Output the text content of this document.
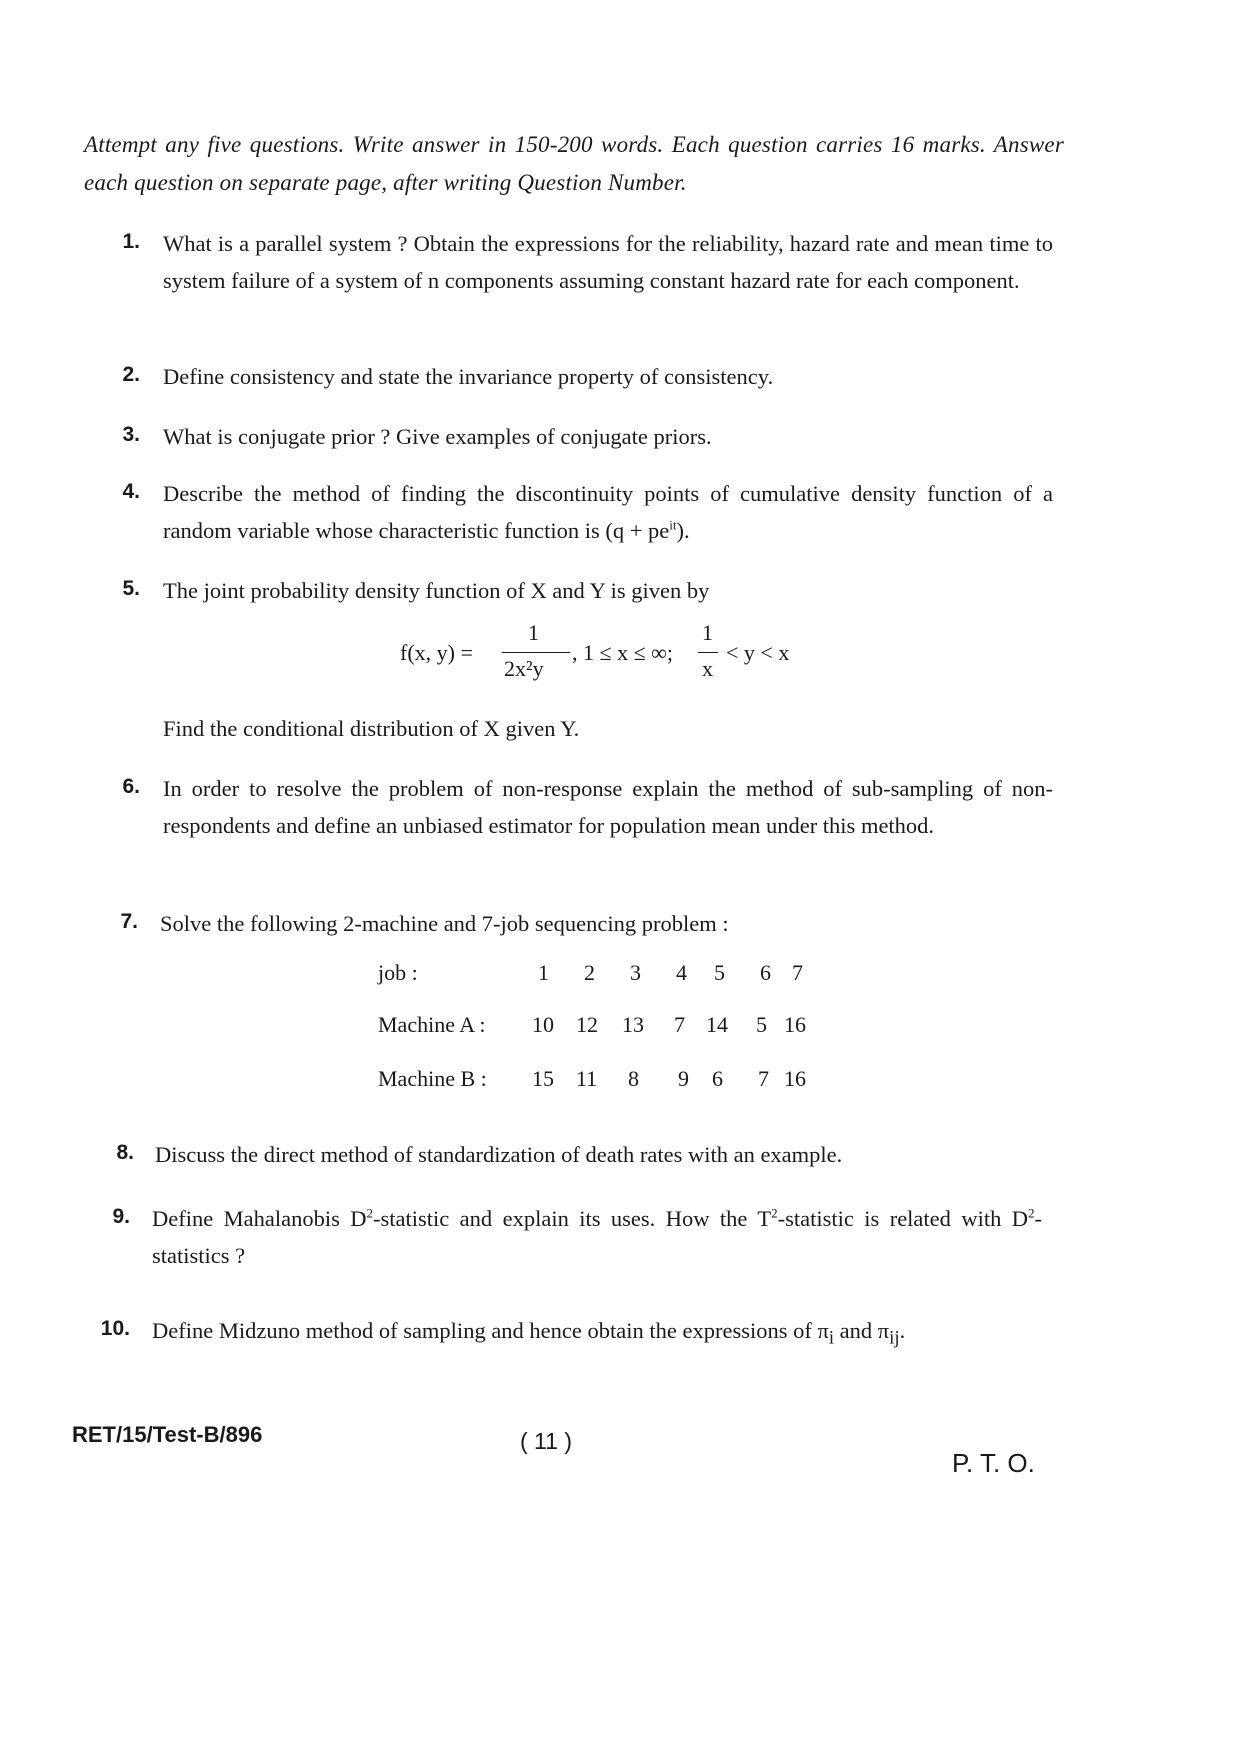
Attempt any five questions. Write answer in 150-200 words. Each question carries 16 marks. Answer each question on separate page, after writing Question Number.
1. What is a parallel system ? Obtain the expressions for the reliability, hazard rate and mean time to system failure of a system of n components assuming constant hazard rate for each component.
2. Define consistency and state the invariance property of consistency.
3. What is conjugate prior ? Give examples of conjugate priors.
4. Describe the method of finding the discontinuity points of cumulative density function of a random variable whose characteristic function is $(q + pe^{it})$.
5. The joint probability density function of X and Y is given by
f(x, y) =
1
2x²y
, 1 ≤ x ≤ ∞;
1
x
< y < x
Find the conditional distribution of X given Y.
6. In order to resolve the problem of non-response explain the method of sub-sampling of non-respondents and define an unbiased estimator for population mean under this method.
7. Solve the following 2-machine and 7-job sequencing problem :
job :	1 2 3 4 5 6 7
Machine A : 10 12 13 7 14 5 16
Machine B : 15 11 8 9 6 7 16
8. Discuss the direct method of standardization of death rates with an example.
9. Define Mahalanobis $D^2$-statistic and explain its uses. How the $T^2$-statistic is related with $D^2$-statistics ?
10. Define Midzuno method of sampling and hence obtain the expressions of $\pi_i$ and $\pi_{ij}$.
RET/15/Test-B/896	( 11 )
P. T. O.
